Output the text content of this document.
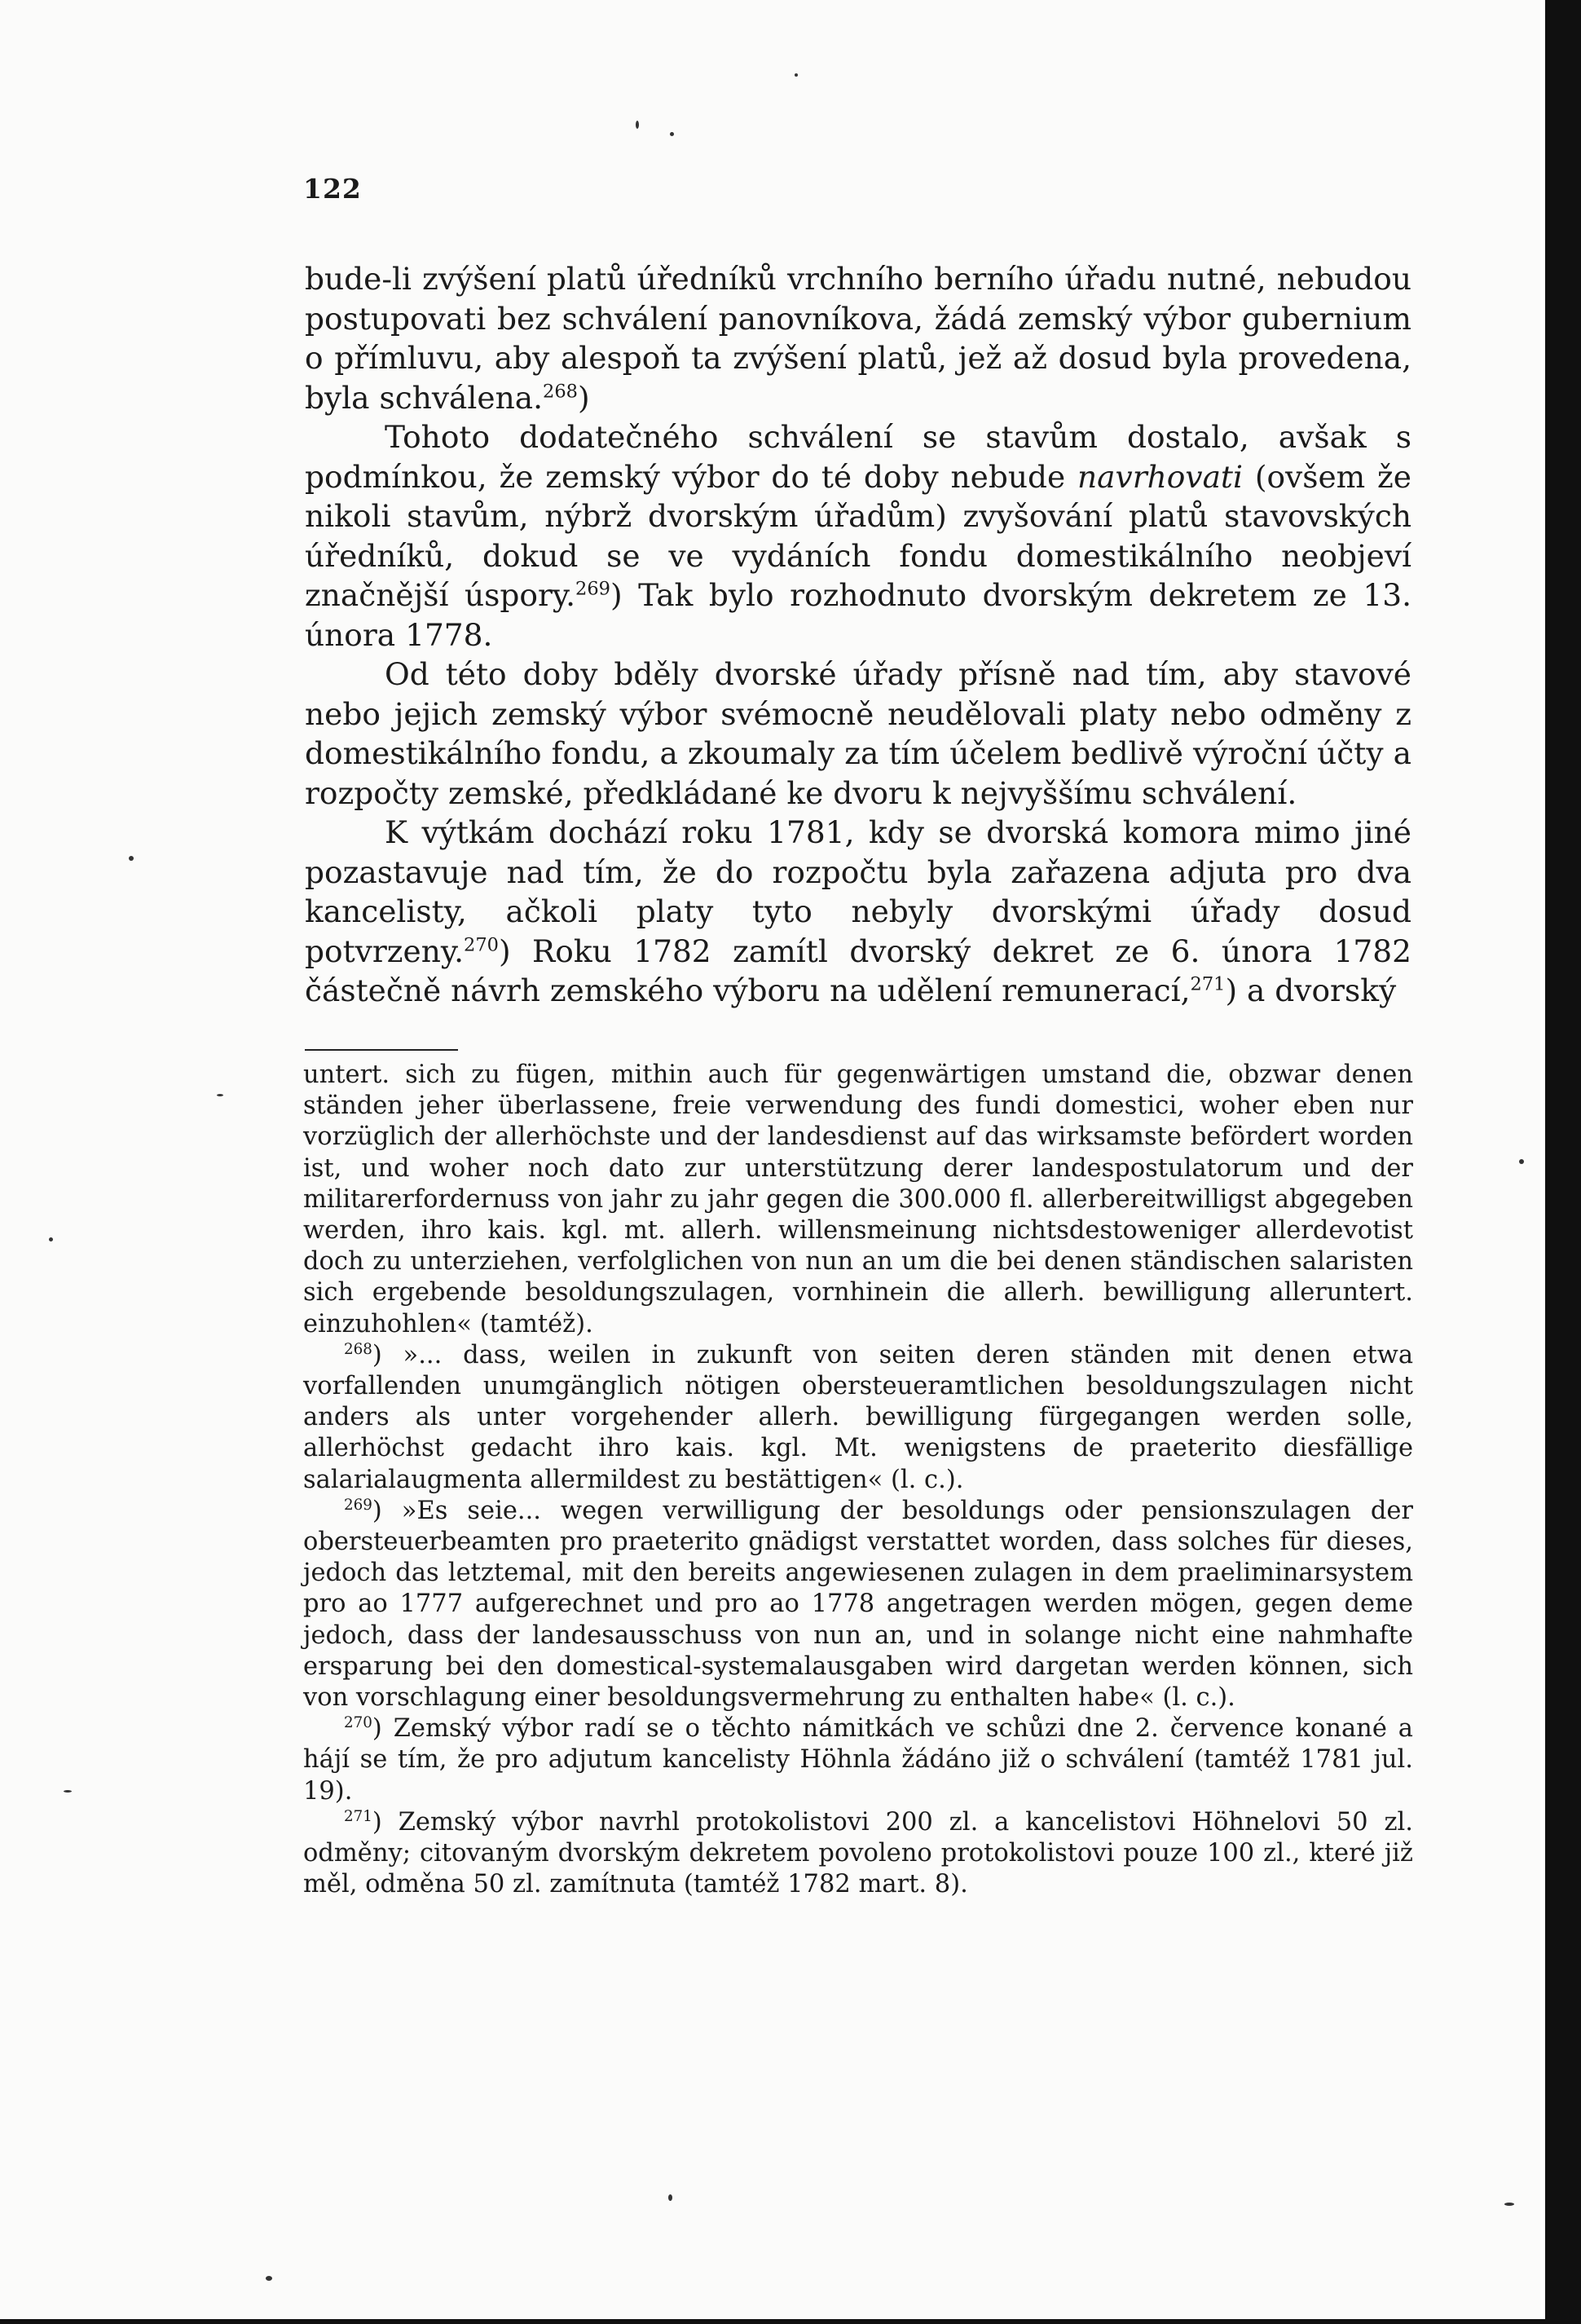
122

bude-li zvýšení platů úředníků vrchního berního úřadu nutné, nebudou postupovati bez schválení panovníkova, žádá zemský výbor gubernium o přímluvu, aby alespoň ta zvýšení platů, jež až dosud byla provedena, byla schválena.$^{268}$)

Tohoto dodatečného schválení se stavům dostalo, avšak s podmínkou, že zemský výbor do té doby nebude navrhovati (ovšem že nikoli stavům, nýbrž dvorským úřadům) zvyšování platů stavovských úředníků, dokud se ve vydáních fondu domestikálního neobjeví značnější úspory.$^{269}$) Tak bylo rozhodnuto dvorským dekretem ze 13. února 1778.

Od této doby bděly dvorské úřady přísně nad tím, aby stavové nebo jejich zemský výbor svémocně neudělovali platy nebo odměny z domestikálního fondu, a zkoumaly za tím účelem bedlivě výroční účty a rozpočty zemské, předkládané ke dvoru k nejvyššímu schválení.

K výtkám dochází roku 1781, kdy se dvorská komora mimo jiné pozastavuje nad tím, že do rozpočtu byla zařazena adjuta pro dva kancelisty, ačkoli platy tyto nebyly dvorskými úřady dosud potvrzeny.$^{270}$) Roku 1782 zamítl dvorský dekret ze 6. února 1782 částečně návrh zemského výboru na udělení remunerací,$^{271}$) a dvorský

untert. sich zu fügen, mithin auch für gegenwärtigen umstand die, obzwar denen ständen jeher überlassene, freie verwendung des fundi domestici, woher eben nur vorzüglich der allerhöchste und der landesdienst auf das wirksamste befördert worden ist, und woher noch dato zur unterstützung derer landespostulatorum und der militarerfordernuss von jahr zu jahr gegen die 300.000 fl. allerbereitwilligst abgegeben werden, ihro kais. kgl. mt. allerh. willensmeinung nichtsdestoweniger allerdevotist doch zu unterziehen, verfolglichen von nun an um die bei denen ständischen salaristen sich ergebende besoldungszulagen, vornhinein die allerh. bewilligung alleruntert. einzuhohlen« (tamtéž).

$^{268}$) »... dass, weilen in zukunft von seiten deren ständen mit denen etwa vorfallenden unumgänglich nötigen obersteueramtlichen besoldungszulagen nicht anders als unter vorgehender allerh. bewilligung fürgegangen werden solle, allerhöchst gedacht ihro kais. kgl. Mt. wenigstens de praeterito diesfällige salarialaugmenta allermildest zu bestättigen« (l. c.).

$^{269}$) »Es seie... wegen verwilligung der besoldungs oder pensionszulagen der obersteuerbeamten pro praeterito gnädigst verstattet worden, dass solches für dieses, jedoch das letztemal, mit den bereits angewiesenen zulagen in dem praeliminarsystem pro ao 1777 aufgerechnet und pro ao 1778 angetragen werden mögen, gegen deme jedoch, dass der landesausschuss von nun an, und in solange nicht eine nahmhafte ersparung bei den domestical-systemalausgaben wird dargetan werden können, sich von vorschlagung einer besoldungsvermehrung zu enthalten habe« (l. c.).

$^{270}$) Zemský výbor radí se o těchto námitkách ve schůzi dne 2. července konané a hájí se tím, že pro adjutum kancelisty Höhnla žádáno již o schválení (tamtéž 1781 jul. 19).

$^{271}$) Zemský výbor navrhl protokolistovi 200 zl. a kancelistovi Höhnelovi 50 zl. odměny; citovaným dvorským dekretem povoleno protokolistovi pouze 100 zl., které již měl, odměna 50 zl. zamítnuta (tamtéž 1782 mart. 8).
